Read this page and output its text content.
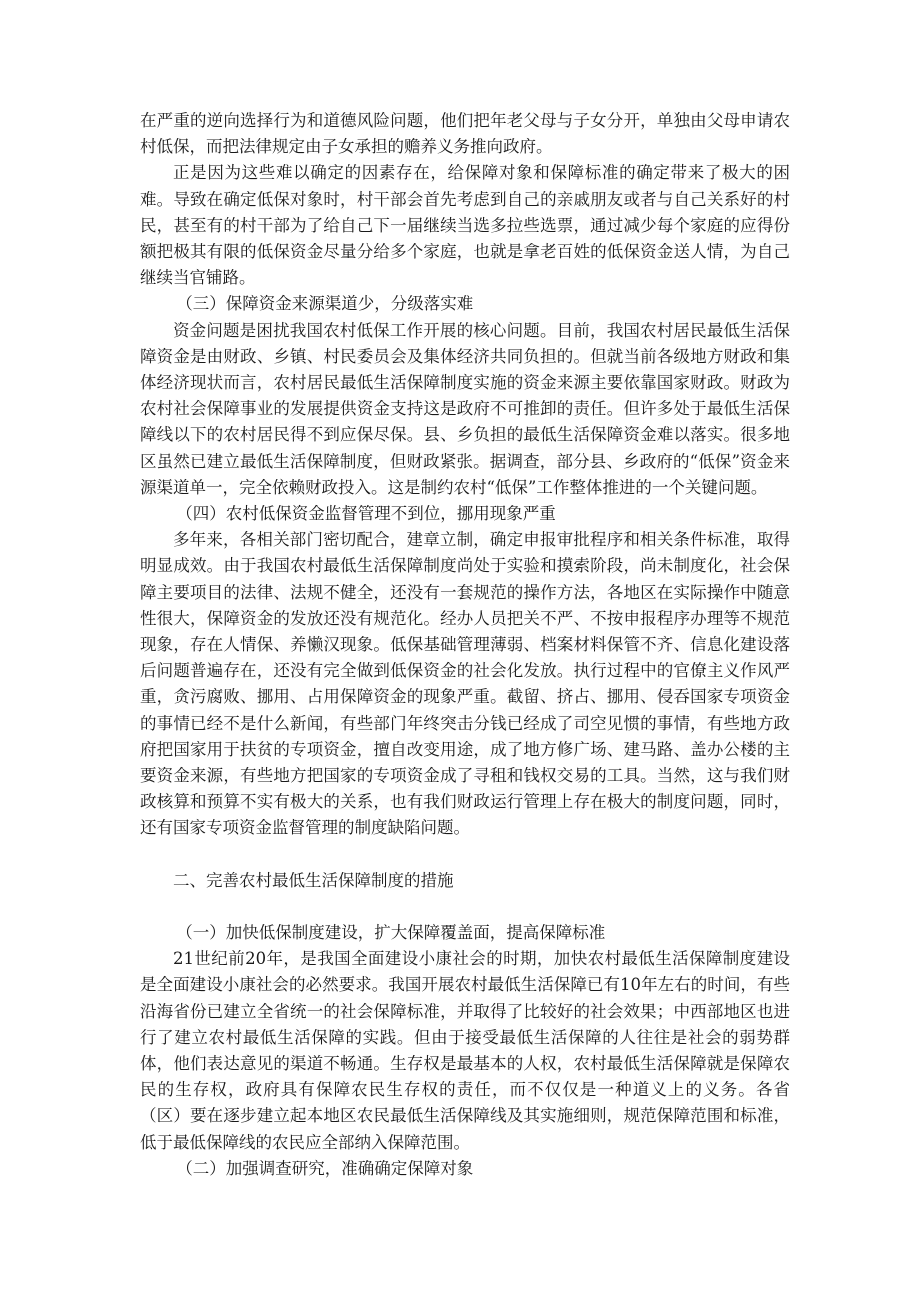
在严重的逆向选择行为和道德风险问题，他们把年老父母与子女分开，单独由父母申请农村低保，而把法律规定由子女承担的赡养义务推向政府。

正是因为这些难以确定的因素存在，给保障对象和保障标准的确定带来了极大的困难。导致在确定低保对象时，村干部会首先考虑到自己的亲戚朋友或者与自己关系好的村民，甚至有的村干部为了给自己下一届继续当选多拉些选票，通过减少每个家庭的应得份额把极其有限的低保资金尽量分给多个家庭，也就是拿老百姓的低保资金送人情，为自己继续当官铺路。

（三）保障资金来源渠道少，分级落实难

资金问题是困扰我国农村低保工作开展的核心问题。目前，我国农村居民最低生活保障资金是由财政、乡镇、村民委员会及集体经济共同负担的。但就当前各级地方财政和集体经济现状而言，农村居民最低生活保障制度实施的资金来源主要依靠国家财政。财政为农村社会保障事业的发展提供资金支持这是政府不可推卸的责任。但许多处于最低生活保障线以下的农村居民得不到应保尽保。县、乡负担的最低生活保障资金难以落实。很多地区虽然已建立最低生活保障制度，但财政紧张。据调查，部分县、乡政府的“低保”资金来源渠道单一，完全依赖财政投入。这是制约农村“低保”工作整体推进的一个关键问题。

（四）农村低保资金监督管理不到位，挪用现象严重

多年来，各相关部门密切配合，建章立制，确定申报审批程序和相关条件标准，取得明显成效。由于我国农村最低生活保障制度尚处于实验和摸索阶段，尚未制度化，社会保障主要项目的法律、法规不健全，还没有一套规范的操作方法，各地区在实际操作中随意性很大，保障资金的发放还没有规范化。经办人员把关不严、不按申报程序办理等不规范现象，存在人情保、养懒汉现象。低保基础管理薄弱、档案材料保管不齐、信息化建设落后问题普遍存在，还没有完全做到低保资金的社会化发放。执行过程中的官僚主义作风严重，贪污腐败、挪用、占用保障资金的现象严重。截留、挤占、挪用、侵吞国家专项资金的事情已经不是什么新闻，有些部门年终突击分钱已经成了司空见惯的事情，有些地方政府把国家用于扶贫的专项资金，擅自改变用途，成了地方修广场、建马路、盖办公楼的主要资金来源，有些地方把国家的专项资金成了寻租和钱权交易的工具。当然，这与我们财政核算和预算不实有极大的关系，也有我们财政运行管理上存在极大的制度问题，同时，还有国家专项资金监督管理的制度缺陷问题。

二、完善农村最低生活保障制度的措施

（一）加快低保制度建设，扩大保障覆盖面，提高保障标准

21世纪前20年，是我国全面建设小康社会的时期，加快农村最低生活保障制度建设是全面建设小康社会的必然要求。我国开展农村最低生活保障已有10年左右的时间，有些沿海省份已建立全省统一的社会保障标准，并取得了比较好的社会效果；中西部地区也进行了建立农村最低生活保障的实践。但由于接受最低生活保障的人往往是社会的弱势群体，他们表达意见的渠道不畅通。生存权是最基本的人权，农村最低生活保障就是保障农民的生存权，政府具有保障农民生存权的责任，而不仅仅是一种道义上的义务。各省（区）要在逐步建立起本地区农民最低生活保障线及其实施细则，规范保障范围和标准，低于最低保障线的农民应全部纳入保障范围。

（二）加强调查研究，准确确定保障对象
